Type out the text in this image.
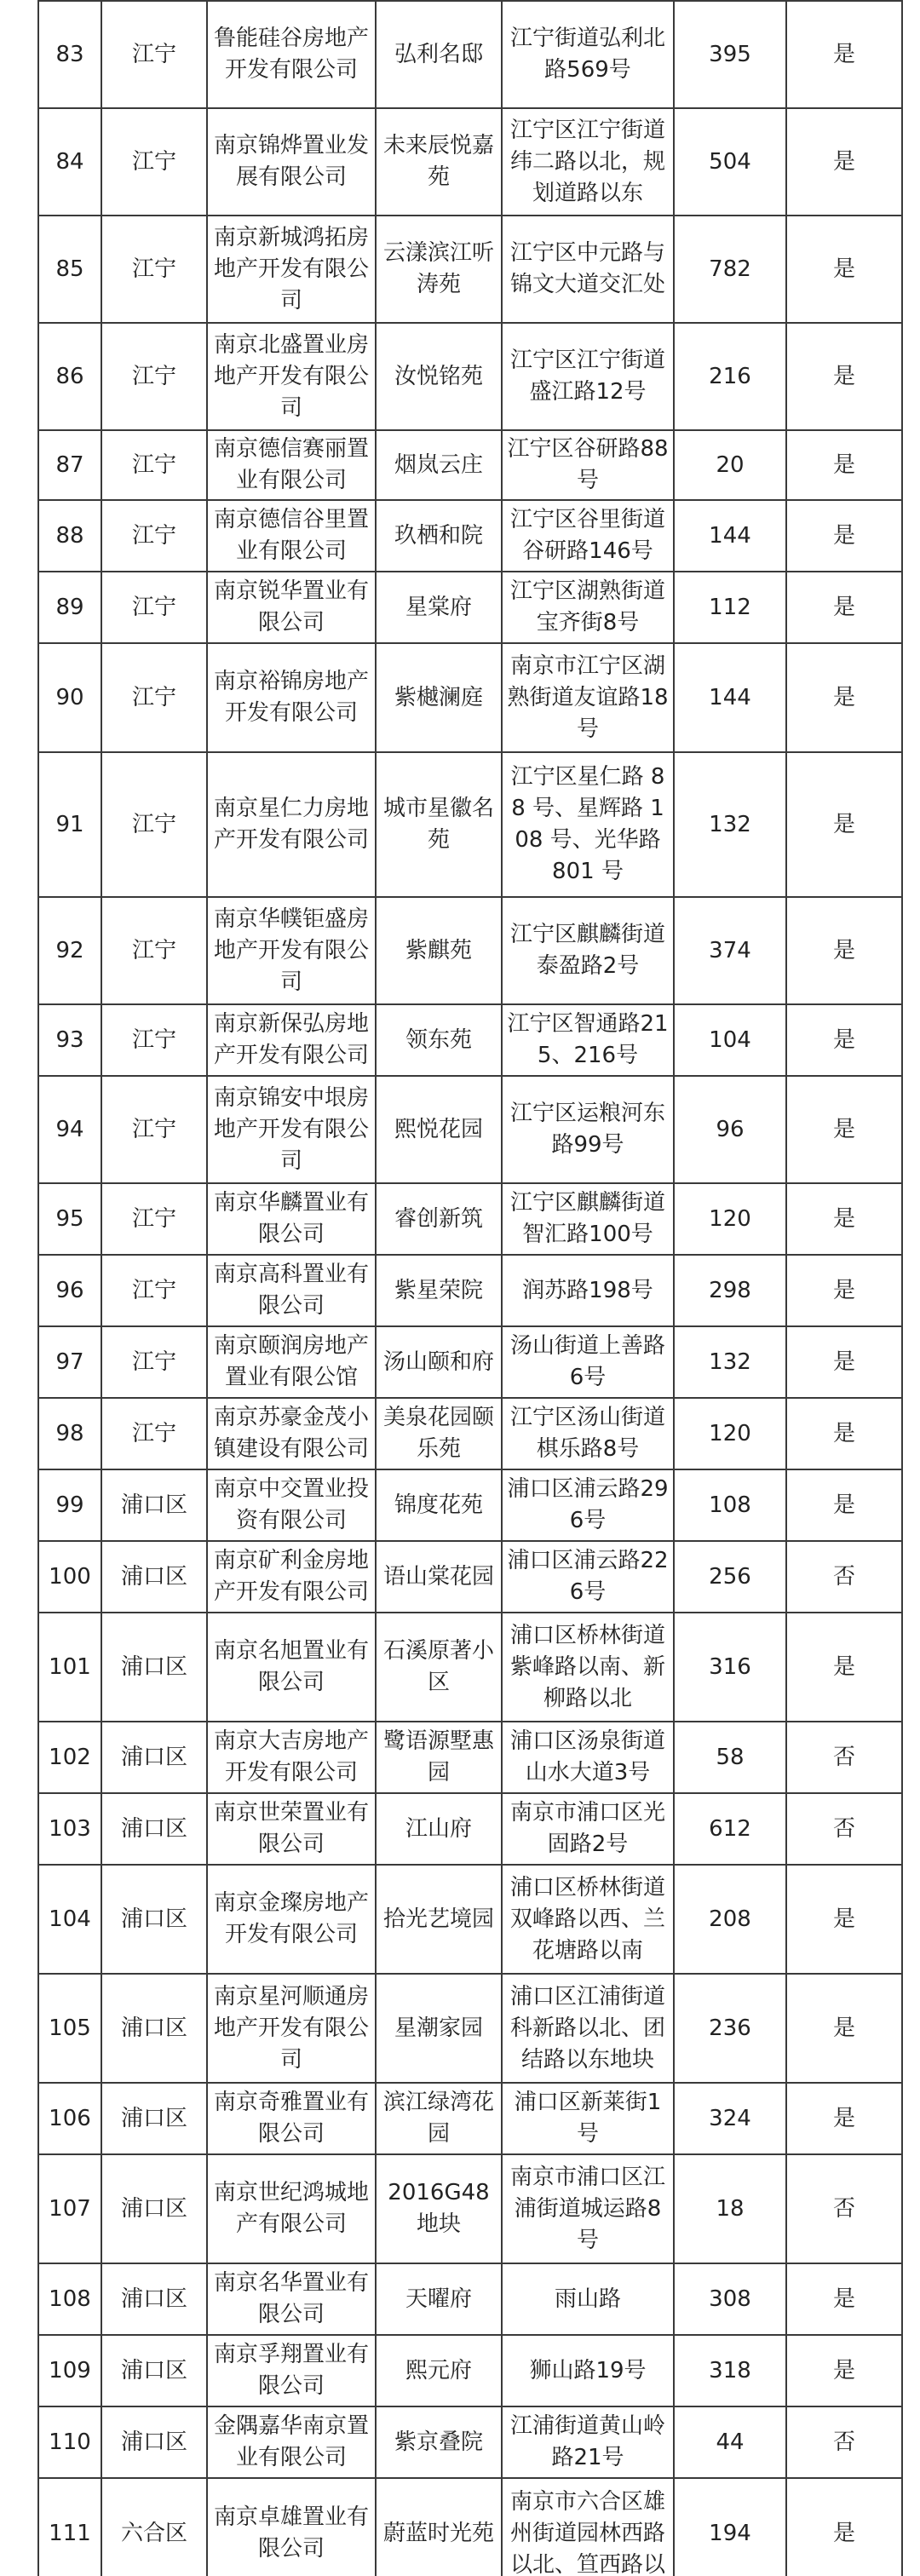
83	江宁	鲁能硅谷房地产开发有限公司	弘利名邸	江宁街道弘利北路569号	395	是
84	江宁	南京锦烨置业发展有限公司	未来辰悦嘉苑	江宁区江宁街道纬二路以北，规划道路以东	504	是
85	江宁	南京新城鸿拓房地产开发有限公司	云漾滨江听涛苑	江宁区中元路与锦文大道交汇处	782	是
86	江宁	南京北盛置业房地产开发有限公司	汝悦铭苑	江宁区江宁街道盛江路12号	216	是
87	江宁	南京德信赛丽置业有限公司	烟岚云庄	江宁区谷研路88号	20	是
88	江宁	南京德信谷里置业有限公司	玖栖和院	江宁区谷里街道谷研路146号	144	是
89	江宁	南京锐华置业有限公司	星棠府	江宁区湖熟街道宝齐街8号	112	是
90	江宁	南京裕锦房地产开发有限公司	紫樾澜庭	南京市江宁区湖熟街道友谊路18号	144	是
91	江宁	南京星仁力房地产开发有限公司	城市星徽名苑	江宁区星仁路 88 号、星辉路 108 号、光华路 801 号	132	是
92	江宁	南京华幞钜盛房地产开发有限公司	紫麒苑	江宁区麒麟街道泰盈路2号	374	是
93	江宁	南京新保弘房地产开发有限公司	领东苑	江宁区智通路215、216号	104	是
94	江宁	南京锦安中垠房地产开发有限公司	熙悦花园	江宁区运粮河东路99号	96	是
95	江宁	南京华麟置业有限公司	睿创新筑	江宁区麒麟街道智汇路100号	120	是
96	江宁	南京高科置业有限公司	紫星荣院	润苏路198号	298	是
97	江宁	南京颐润房地产置业有限公馆	汤山颐和府	汤山街道上善路6号	132	是
98	江宁	南京苏豪金茂小镇建设有限公司	美泉花园颐乐苑	江宁区汤山街道棋乐路8号	120	是
99	浦口区	南京中交置业投资有限公司	锦度花苑	浦口区浦云路296号	108	是
100	浦口区	南京矿利金房地产开发有限公司	语山棠花园	浦口区浦云路226号	256	否
101	浦口区	南京名旭置业有限公司	石溪原著小区	浦口区桥林街道紫峰路以南、新柳路以北	316	是
102	浦口区	南京大吉房地产开发有限公司	鹭语源墅惠园	浦口区汤泉街道山水大道3号	58	否
103	浦口区	南京世荣置业有限公司	江山府	南京市浦口区光固路2号	612	否
104	浦口区	南京金璨房地产开发有限公司	拾光艺境园	浦口区桥林街道双峰路以西、兰花塘路以南	208	是
105	浦口区	南京星河顺通房地产开发有限公司	星潮家园	浦口区江浦街道科新路以北、团结路以东地块	236	是
106	浦口区	南京奇雅置业有限公司	滨江绿湾花园	浦口区新莱街1号	324	是
107	浦口区	南京世纪鸿城地产有限公司	2016G48地块	南京市浦口区江浦街道城运路8号	18	否
108	浦口区	南京名华置业有限公司	天曜府	雨山路	308	是
109	浦口区	南京孚翔置业有限公司	熙元府	狮山路19号	318	是
110	浦口区	金隅嘉华南京置业有限公司	紫京叠院	江浦街道黄山岭路21号	44	否
111	六合区	南京卓雄置业有限公司	蔚蓝时光苑	南京市六合区雄州街道园林西路以北、笪西路以	194	是
